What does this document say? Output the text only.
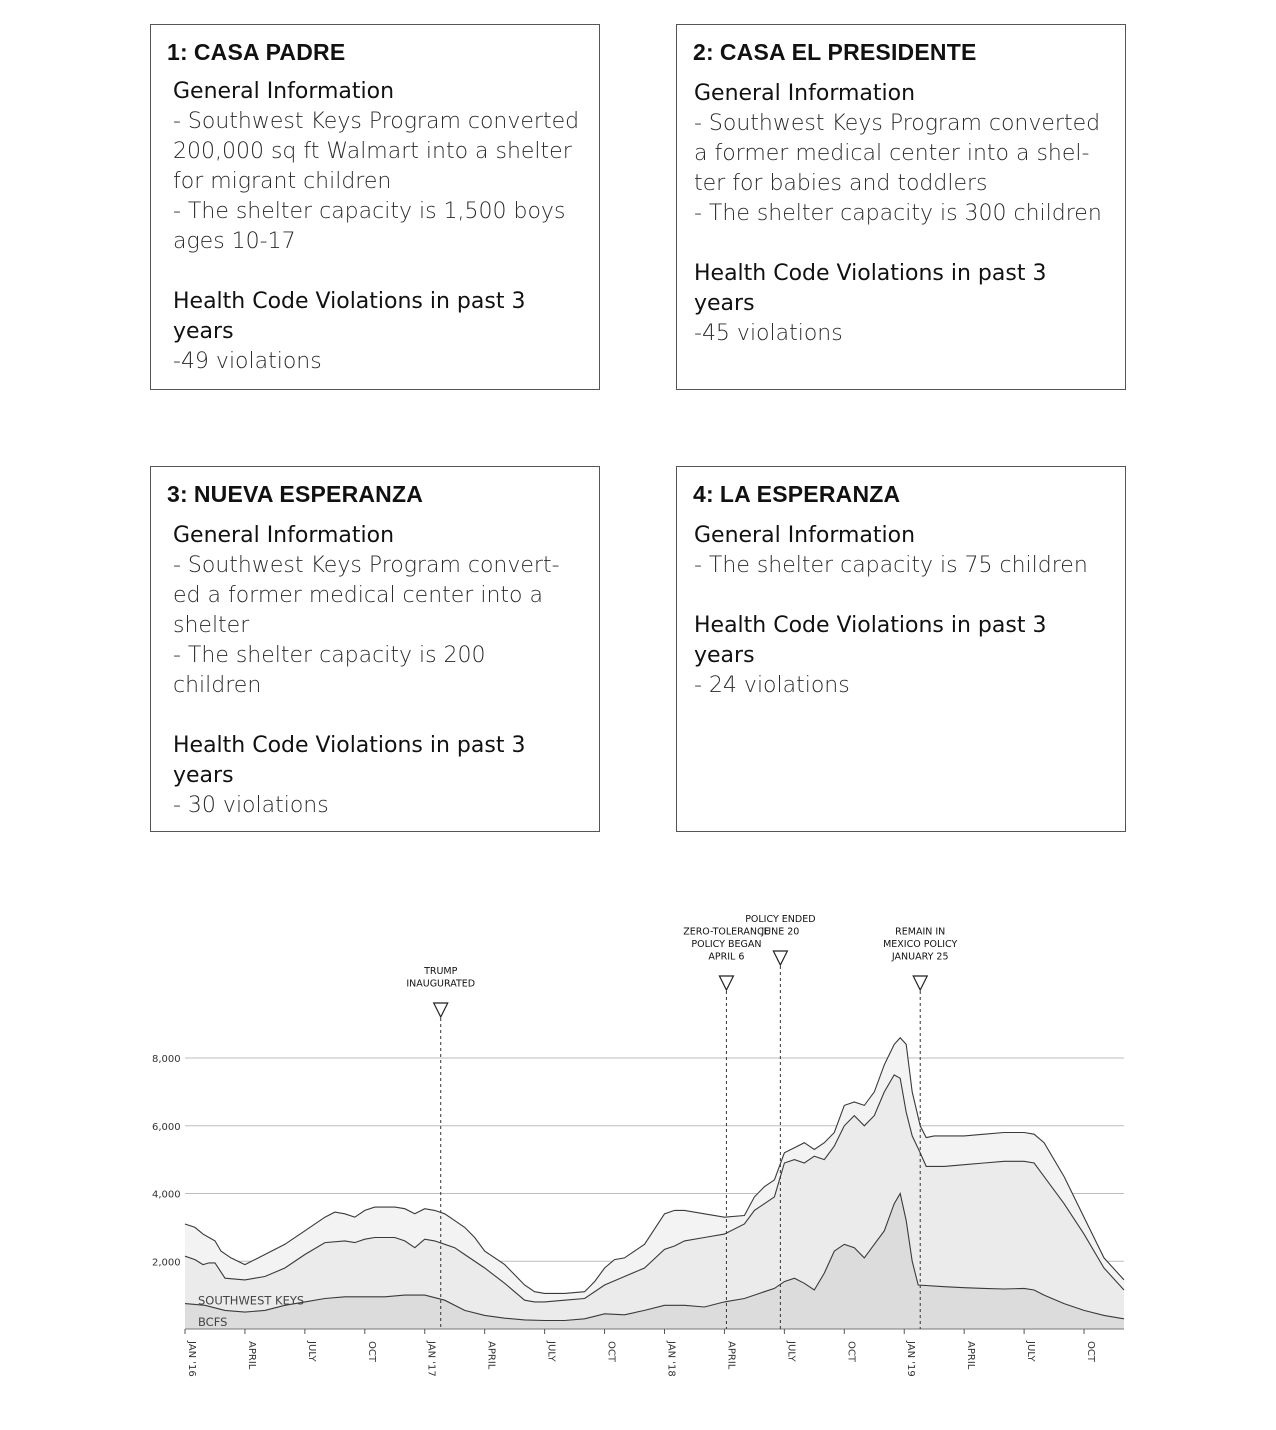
1: CASA PADRE
General Information
- Southwest Keys Program converted
200,000 sq ft Walmart into a shelter
for migrant children
- The shelter capacity is 1,500 boys
ages 10-17
Health Code Violations in past 3
years
-49 violations
2: CASA EL PRESIDENTE
General Information
- Southwest Keys Program converted
a former medical center into a shel-
ter for babies and toddlers
- The shelter capacity is 300 children
Health Code Violations in past 3
years
-45 violations
3: NUEVA ESPERANZA
General Information
- Southwest Keys Program convert-
ed a former medical center into a
shelter
- The shelter capacity is 200
children
Health Code Violations in past 3
years
- 30 violations
4: LA ESPERANZA
General Information
- The shelter capacity is 75 children
Health Code Violations in past 3
years
- 24 violations
2,000
4,000
6,000
8,000
JAN '16	APRIL	JULY	OCT	JAN '17	APRIL	JULY	OCT	JAN '18	APRIL	JULY	OCT	JAN '19	APRIL	JULY	OCT
TRUMP
INAUGURATED
ZERO-TOLERANCE
POLICY BEGAN
APRIL 6
POLICY ENDED
JUNE 20	REMAIN IN
MEXICO POLICY
JANUARY 25
SOUTHWEST KEYS
BCFS
